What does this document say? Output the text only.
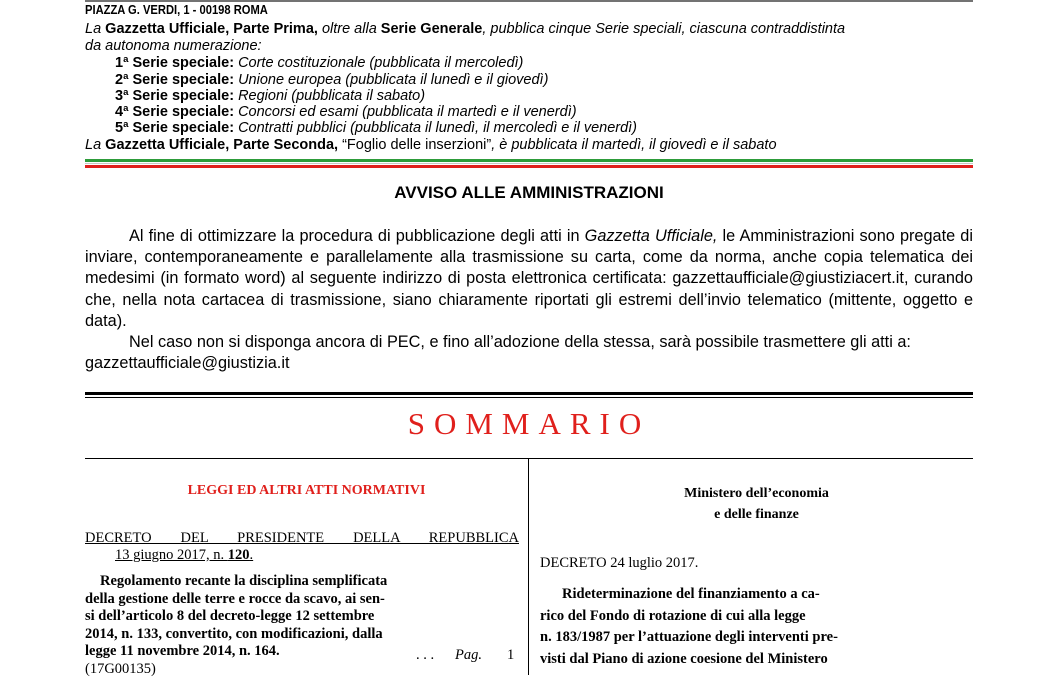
PIAZZA G. VERDI, 1 - 00198 ROMA
La Gazzetta Ufficiale, Parte Prima, oltre alla Serie Generale, pubblica cinque Serie speciali, ciascuna contraddistinta
da autonoma numerazione:
1ª Serie speciale: Corte costituzionale (pubblicata il mercoledì)
2ª Serie speciale: Unione europea (pubblicata il lunedì e il giovedì)
3ª Serie speciale: Regioni (pubblicata il sabato)
4ª Serie speciale: Concorsi ed esami (pubblicata il martedì e il venerdì)
5ª Serie speciale: Contratti pubblici (pubblicata il lunedì, il mercoledì e il venerdì)
La Gazzetta Ufficiale, Parte Seconda, “Foglio delle inserzioni”, è pubblicata il martedì, il giovedì e il sabato
AVVISO ALLE AMMINISTRAZIONI

Al fine di ottimizzare la procedura di pubblicazione degli atti in Gazzetta Ufficiale, le Amministrazioni sono pregate di inviare, contemporaneamente e parallelamente alla trasmissione su carta, come da norma, anche copia telematica dei medesimi (in formato word) al seguente indirizzo di posta elettronica certificata: gazzettaufficiale@giustiziacert.it, curando che, nella nota cartacea di trasmissione, siano chiaramente riportati gli estremi dell’invio telematico (mittente, oggetto e data).

Nel caso non si disponga ancora di PEC, e fino all’adozione della stessa, sarà possibile trasmettere gli atti a:

gazzettaufficiale@giustizia.it

SOMMARIO
LEGGI ED ALTRI ATTI NORMATIVI
DECRETO DEL PRESIDENTE DELLA REPUBBLICA
13 giugno 2017, n. 120.
Regolamento recante la disciplina semplificata
della gestione delle terre e rocce da scavo, ai sen-
si dell’articolo 8 del decreto-legge 12 settembre
2014, n. 133, convertito, con modificazioni, dalla
legge 11 novembre 2014, n. 164.
(17G00135)
. . . Pag. 1
Ministero dell’economia
e delle finanze
DECRETO 24 luglio 2017.
Rideterminazione del finanziamento a ca-
rico del Fondo di rotazione di cui alla legge
n. 183/1987 per l’attuazione degli interventi pre-
visti dal Piano di azione coesione del Ministero
